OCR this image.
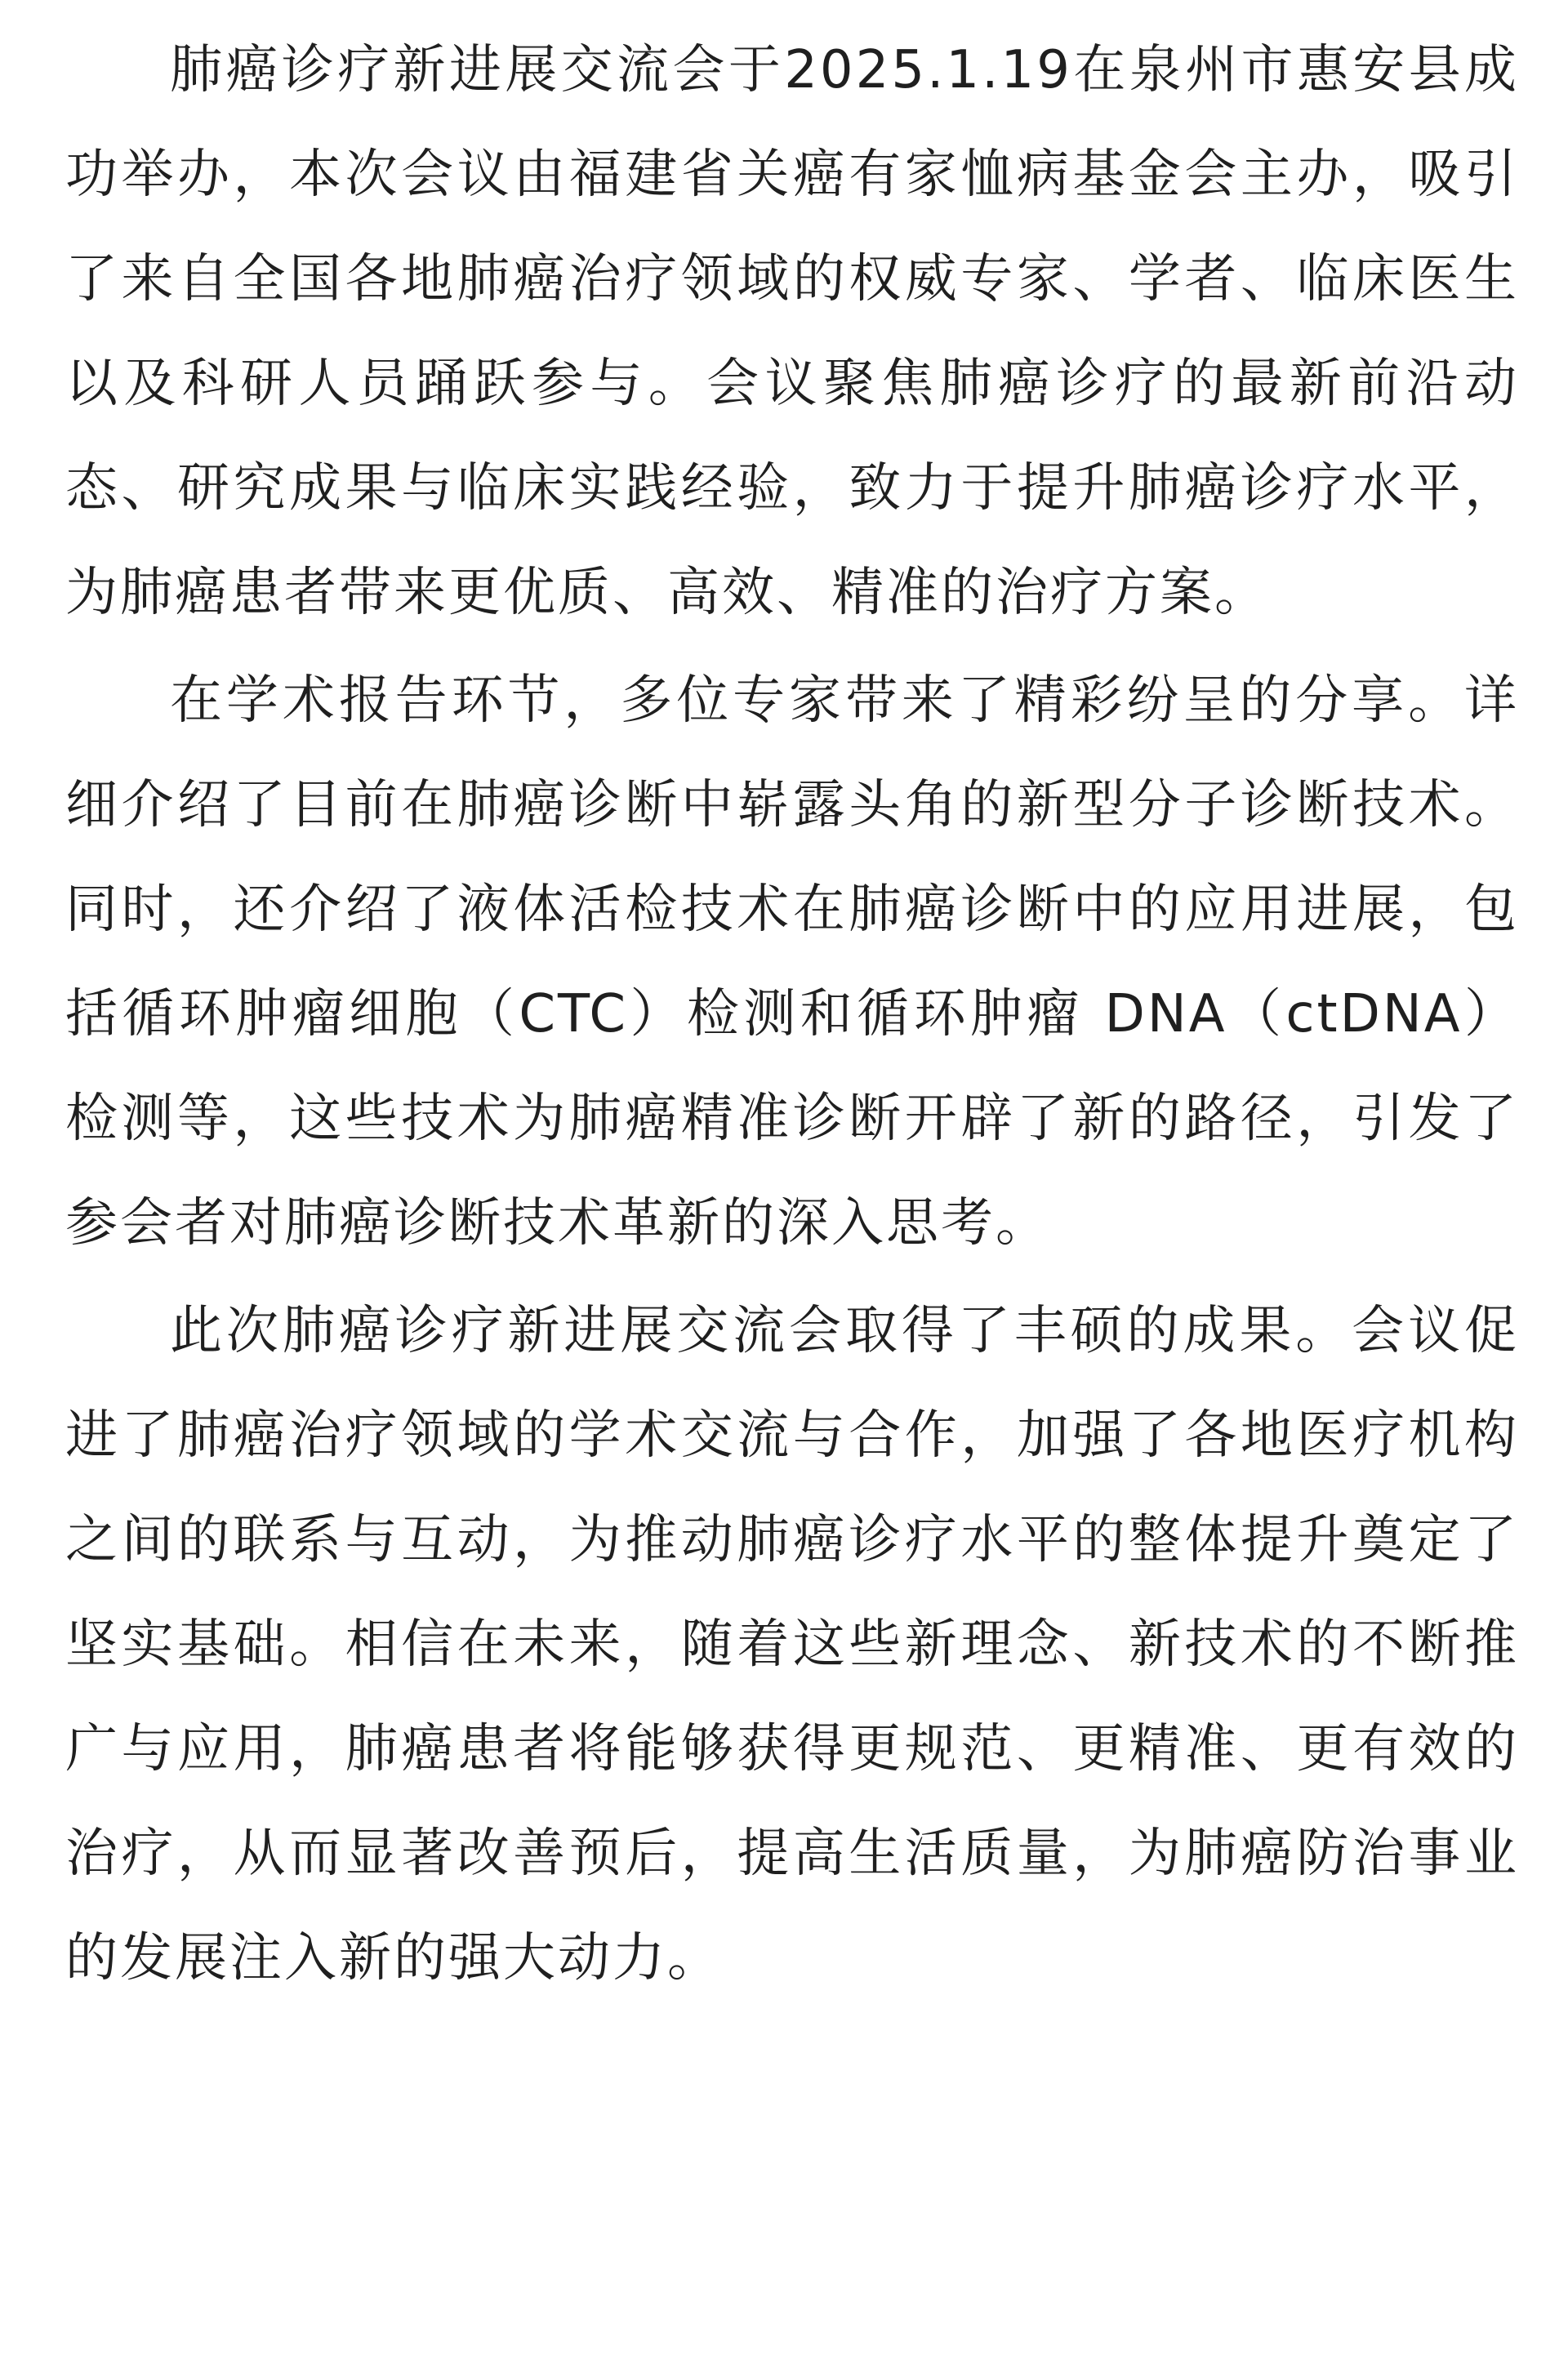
肺癌诊疗新进展交流会于2025.1.19在泉州市惠安县成功举办，本次会议由福建省关癌有家恤病基金会主办，吸引了来自全国各地肺癌治疗领域的权威专家、学者、临床医生以及科研人员踊跃参与。会议聚焦肺癌诊疗的最新前沿动态、研究成果与临床实践经验，致力于提升肺癌诊疗水平，为肺癌患者带来更优质、高效、精准的治疗方案。

在学术报告环节，多位专家带来了精彩纷呈的分享。详细介绍了目前在肺癌诊断中崭露头角的新型分子诊断技术。同时，还介绍了液体活检技术在肺癌诊断中的应用进展，包括循环肿瘤细胞（CTC）检测和循环肿瘤 DNA（ctDNA）检测等，这些技术为肺癌精准诊断开辟了新的路径，引发了参会者对肺癌诊断技术革新的深入思考。

此次肺癌诊疗新进展交流会取得了丰硕的成果。会议促进了肺癌治疗领域的学术交流与合作，加强了各地医疗机构之间的联系与互动，为推动肺癌诊疗水平的整体提升奠定了坚实基础。相信在未来，随着这些新理念、新技术的不断推广与应用，肺癌患者将能够获得更规范、更精准、更有效的治疗，从而显著改善预后，提高生活质量，为肺癌防治事业的发展注入新的强大动力。
